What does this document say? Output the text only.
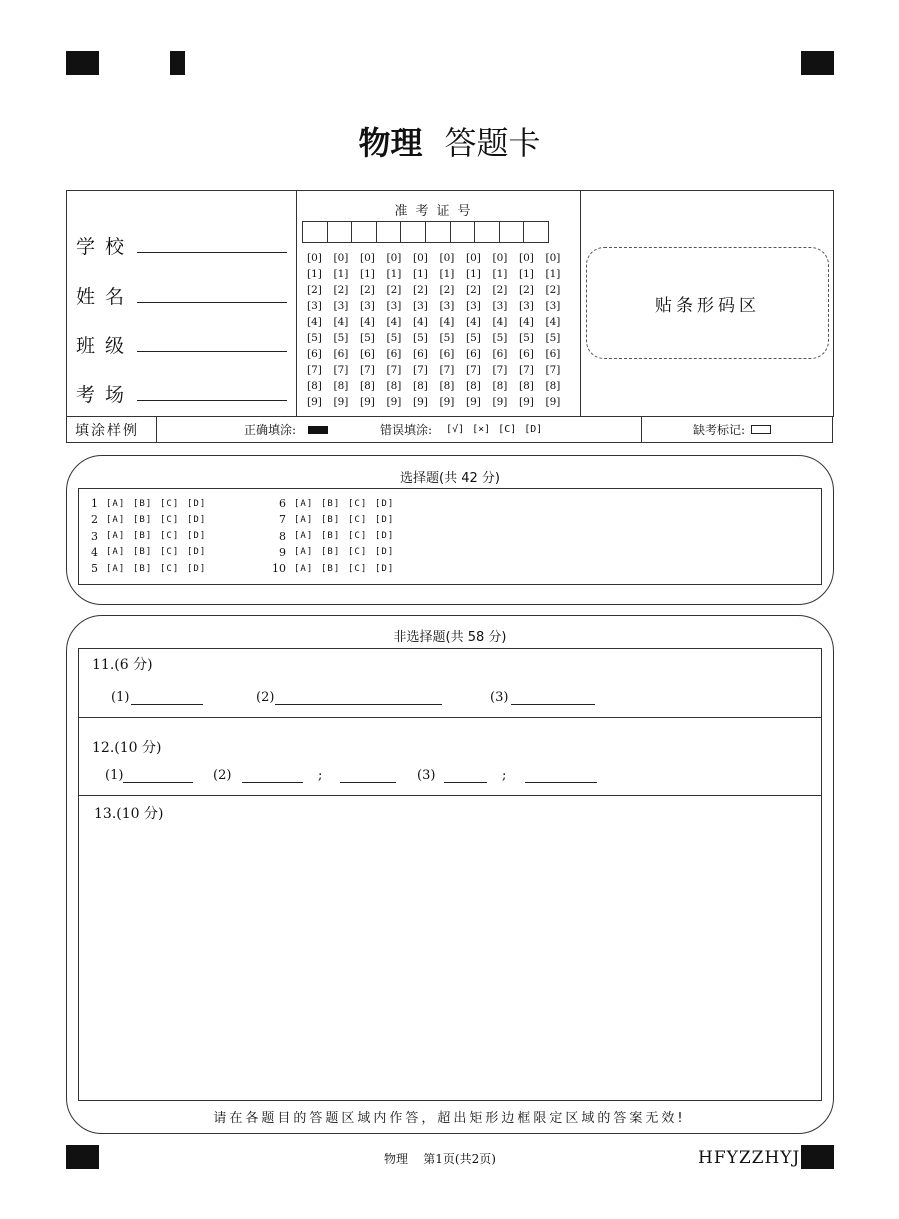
物理 答题卡
学 校
姓 名
班 级
考 场
准考证号
[0]	[0]	[0]	[0]	[0]	[0]	[0]	[0]	[0]	[0]
[1]	[1]	[1]	[1]	[1]	[1]	[1]	[1]	[1]	[1]
[2]	[2]	[2]	[2]	[2]	[2]	[2]	[2]	[2]	[2]
[3]	[3]	[3]	[3]	[3]	[3]	[3]	[3]	[3]	[3]
[4]	[4]	[4]	[4]	[4]	[4]	[4]	[4]	[4]	[4]
[5]	[5]	[5]	[5]	[5]	[5]	[5]	[5]	[5]	[5]
[6]	[6]	[6]	[6]	[6]	[6]	[6]	[6]	[6]	[6]
[7]	[7]	[7]	[7]	[7]	[7]	[7]	[7]	[7]	[7]
[8]	[8]	[8]	[8]	[8]	[8]	[8]	[8]	[8]	[8]
[9]	[9]	[9]	[9]	[9]	[9]	[9]	[9]	[9]	[9]
贴条形码区
填涂样例	正确填涂:	错误填涂: [√] [×] [C] [D]	缺考标记:
选择题(共 42 分)
1 [A] [B] [C] [D]
2 [A] [B] [C] [D]
3 [A] [B] [C] [D]
4 [A] [B] [C] [D]
5 [A] [B] [C] [D]
6 [A] [B] [C] [D]
7 [A] [B] [C] [D]
8 [A] [B] [C] [D]
9 [A] [B] [C] [D]
10 [A] [B] [C] [D]
非选择题(共 58 分)
11.(6 分)
(1)	(2)	(3)
12.(10 分)
(1)	(2)	;	(3)	;
13.(10 分)
请在各题目的答题区域内作答，超出矩形边框限定区域的答案无效!
物理    第1页(共2页)	HFYZZHYJ
